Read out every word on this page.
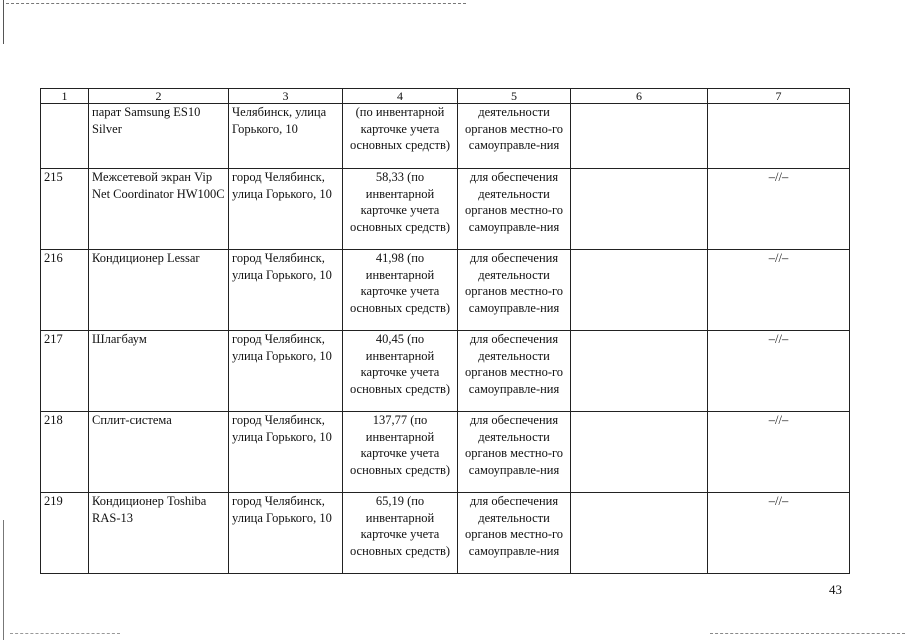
1	2	3	4	5	6	7
	парат Samsung ES10 Silver	Челябинск, улица Горького, 10	(по инвентарной карточке учета основных средств)	деятельности органов местно-го самоуправле-ния		
215	Межсетевой экран Vip Net Coordinator HW100C	город Челябинск, улица Горького, 10	58,33 (по инвентарной карточке учета основных средств)	для обеспечения деятельности органов местно-го самоуправле-ния		–//–
216	Кондиционер Lessar	город Челябинск, улица Горького, 10	41,98 (по инвентарной карточке учета основных средств)	для обеспечения деятельности органов местно-го самоуправле-ния		–//–
217	Шлагбаум	город Челябинск, улица Горького, 10	40,45 (по инвентарной карточке учета основных средств)	для обеспечения деятельности органов местно-го самоуправле-ния		–//–
218	Сплит-система	город Челябинск, улица Горького, 10	137,77 (по инвентарной карточке учета основных средств)	для обеспечения деятельности органов местно-го самоуправле-ния		–//–
219	Кондиционер Toshiba RAS-13	город Челябинск, улица Горького, 10	65,19 (по инвентарной карточке учета основных средств)	для обеспечения деятельности органов местно-го самоуправле-ния		–//–
43
